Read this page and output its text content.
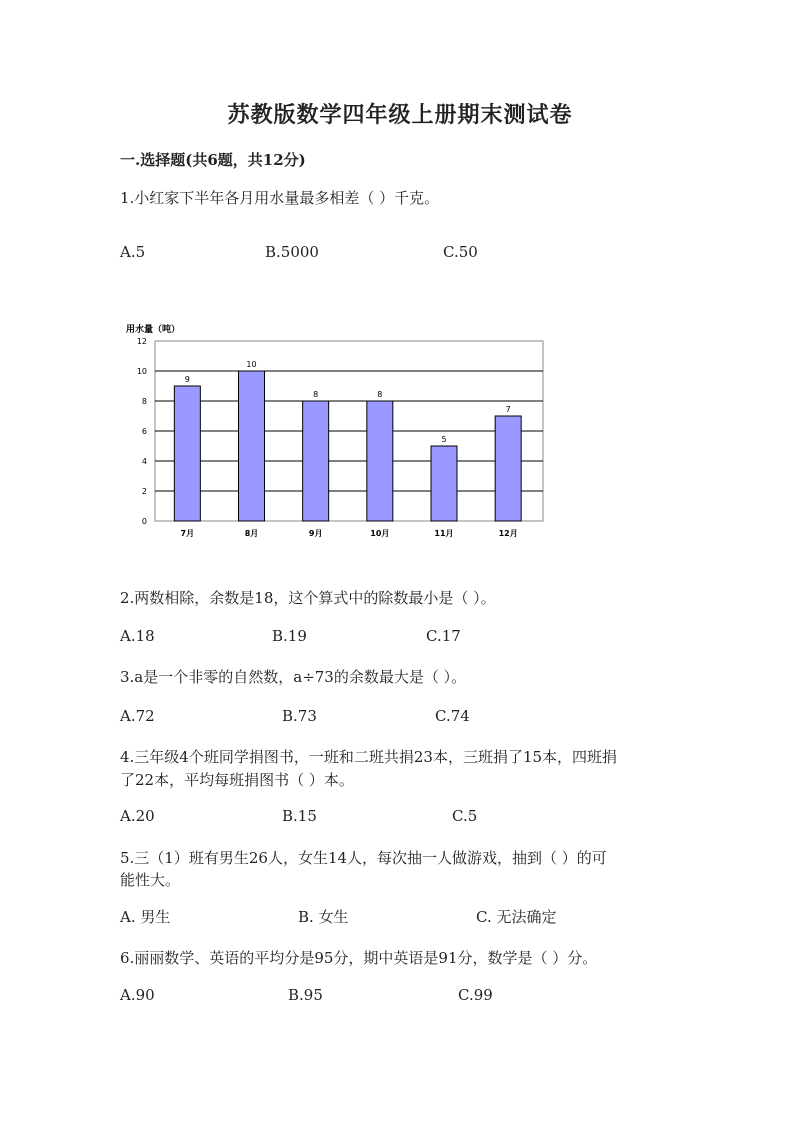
苏教版数学四年级上册期末测试卷
一.选择题(共6题，共12分)
1.小红家下半年各月用水量最多相差（ ）千克。
A.5	B.5000	C.50
用水量（吨）
0
2
4
6
8
10
12
9
7月
10
8月
8
9月
8
10月
5
11月
7
12月
2.两数相除，余数是18，这个算式中的除数最小是（ ）。
A.18	B.19	C.17
3.a是一个非零的自然数，a÷73的余数最大是（ ）。
A.72	B.73	C.74
4.三年级4个班同学捐图书，一班和二班共捐23本，三班捐了15本，四班捐
了22本，平均每班捐图书（ ）本。
A.20	B.15	C.5
5.三（1）班有男生26人，女生14人，每次抽一人做游戏，抽到（ ）的可
能性大。
A. 男生	B. 女生	C. 无法确定
6.丽丽数学、英语的平均分是95分，期中英语是91分，数学是（ ）分。
A.90	B.95	C.99
